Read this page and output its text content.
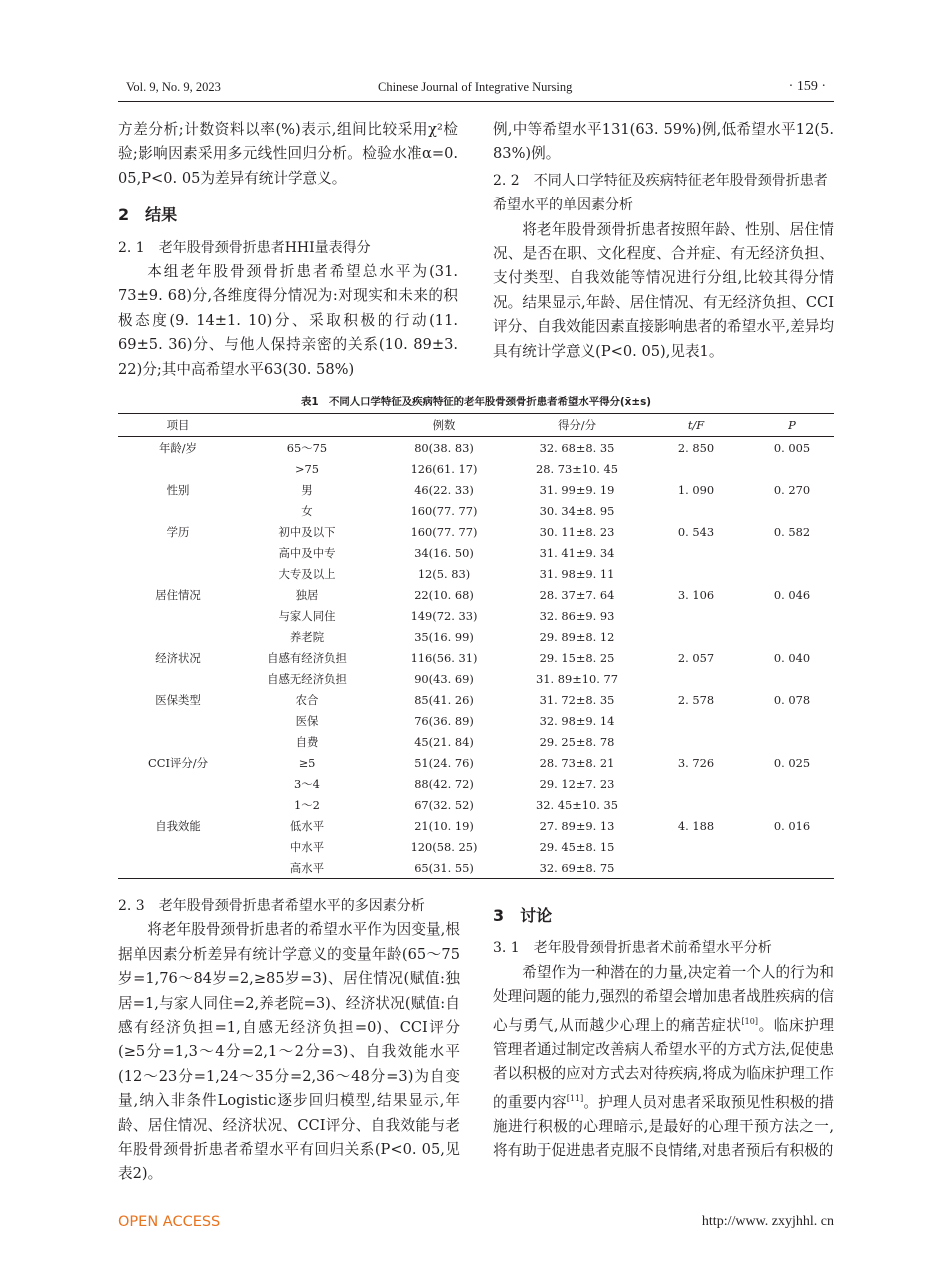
Vol. 9, No. 9, 2023	Chinese Journal of Integrative Nursing	· 159 ·

方差分析;计数资料以率(%)表示,组间比较采用χ²检验;影响因素采用多元线性回归分析。检验水准α=0. 05,P<0. 05为差异有统计学意义。

2　结果
2. 1 老年股骨颈骨折患者HHI量表得分

本组老年股骨颈骨折患者希望总水平为(31. 73±9. 68)分,各维度得分情况为:对现实和未来的积极态度(9. 14±1. 10)分、采取积极的行动(11. 69±5. 36)分、与他人保持亲密的关系(10. 89±3. 22)分;其中高希望水平63(30. 58%)

例,中等希望水平131(63. 59%)例,低希望水平12(5. 83%)例。

2. 2 不同人口学特征及疾病特征老年股骨颈骨折患者希望水平的单因素分析

将老年股骨颈骨折患者按照年龄、性别、居住情况、是否在职、文化程度、合并症、有无经济负担、支付类型、自我效能等情况进行分组,比较其得分情况。结果显示,年龄、居住情况、有无经济负担、CCI评分、自我效能因素直接影响患者的希望水平,差异均具有统计学意义(P<0. 05),见表1。

表1　不同人口学特征及疾病特征的老年股骨颈骨折患者希望水平得分(x̄±s)
项目		例数	得分/分	t/F	P
年龄/岁	65～75	80(38. 83)	32. 68±8. 35	2. 850	0. 005
	>75	126(61. 17)	28. 73±10. 45		
性别	男	46(22. 33)	31. 99±9. 19	1. 090	0. 270
	女	160(77. 77)	30. 34±8. 95		
学历	初中及以下	160(77. 77)	30. 11±8. 23	0. 543	0. 582
	高中及中专	34(16. 50)	31. 41±9. 34		
	大专及以上	12(5. 83)	31. 98±9. 11		
居住情况	独居	22(10. 68)	28. 37±7. 64	3. 106	0. 046
	与家人同住	149(72. 33)	32. 86±9. 93		
	养老院	35(16. 99)	29. 89±8. 12		
经济状况	自感有经济负担	116(56. 31)	29. 15±8. 25	2. 057	0. 040
	自感无经济负担	90(43. 69)	31. 89±10. 77		
医保类型	农合	85(41. 26)	31. 72±8. 35	2. 578	0. 078
	医保	76(36. 89)	32. 98±9. 14		
	自费	45(21. 84)	29. 25±8. 78		
CCI评分/分	≥5	51(24. 76)	28. 73±8. 21	3. 726	0. 025
	3～4	88(42. 72)	29. 12±7. 23		
	1～2	67(32. 52)	32. 45±10. 35		
自我效能	低水平	21(10. 19)	27. 89±9. 13	4. 188	0. 016
	中水平	120(58. 25)	29. 45±8. 15		
	高水平	65(31. 55)	32. 69±8. 75		
2. 3 老年股骨颈骨折患者希望水平的多因素分析

将老年股骨颈骨折患者的希望水平作为因变量,根据单因素分析差异有统计学意义的变量年龄(65～75岁=1,76～84岁=2,≥85岁=3)、居住情况(赋值:独居=1,与家人同住=2,养老院=3)、经济状况(赋值:自感有经济负担=1,自感无经济负担=0)、CCI评分(≥5分=1,3～4分=2,1～2分=3)、自我效能水平(12～23分=1,24～35分=2,36～48分=3)为自变量,纳入非条件Logistic逐步回归模型,结果显示,年龄、居住情况、经济状况、CCI评分、自我效能与老年股骨颈骨折患者希望水平有回归关系(P<0. 05,见表2)。

3　讨论
3. 1 老年股骨颈骨折患者术前希望水平分析

希望作为一种潜在的力量,决定着一个人的行为和处理问题的能力,强烈的希望会增加患者战胜疾病的信心与勇气,从而越少心理上的痛苦症状[10]。临床护理管理者通过制定改善病人希望水平的方式方法,促使患者以积极的应对方式去对待疾病,将成为临床护理工作的重要内容[11]。护理人员对患者采取预见性积极的措施进行积极的心理暗示,是最好的心理干预方法之一,将有助于促进患者克服不良情绪,对患者预后有积极的

OPEN ACCESS	http://www. zxyjhhl. cn
